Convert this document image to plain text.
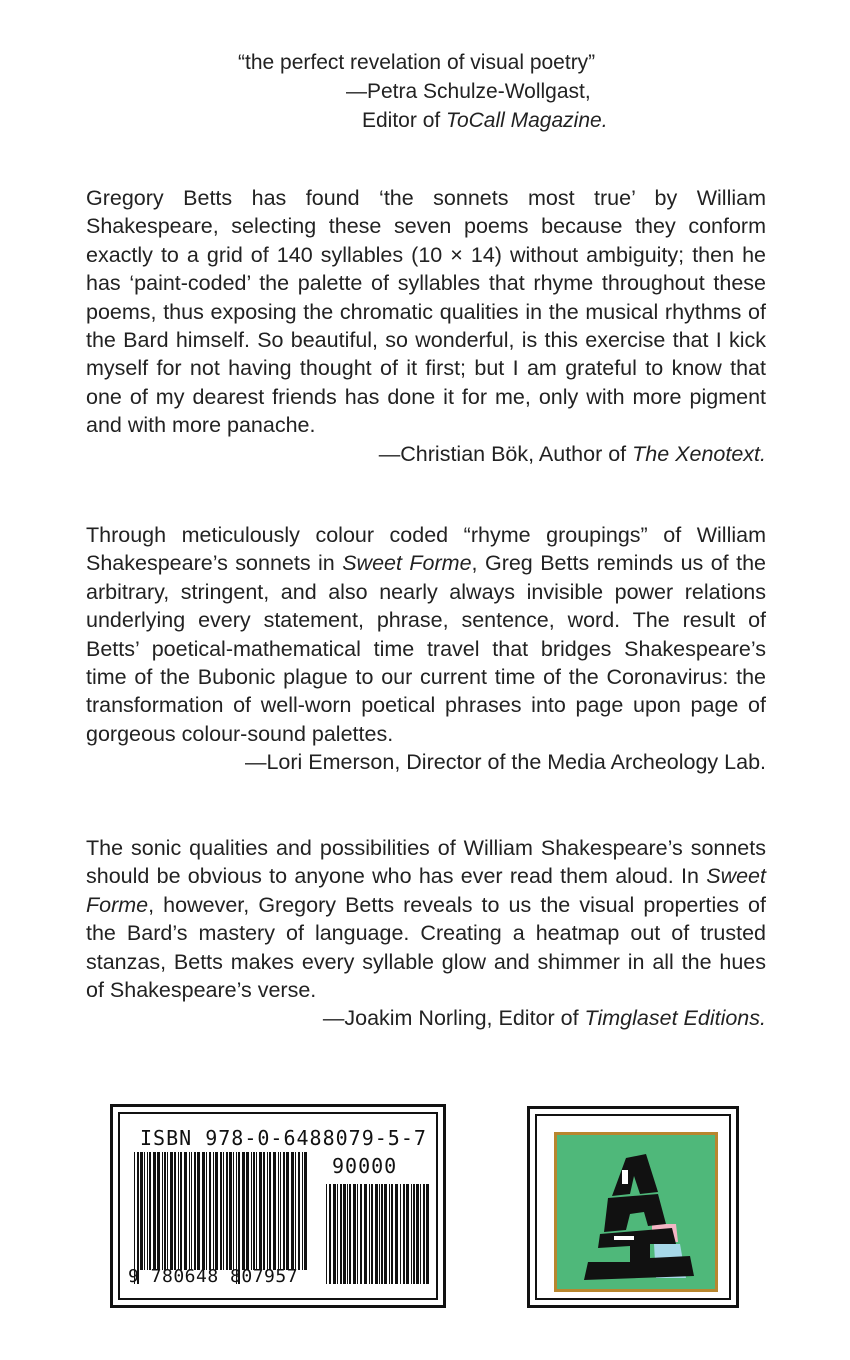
“the perfect revelation of visual poetry”
—Petra Schulze-Wollgast,
Editor of ToCall Magazine.

Gregory Betts has found ‘the sonnets most true’ by William Shakespeare, selecting these seven poems because they conform exactly to a grid of 140 syllables (10 × 14) without ambiguity; then he has ‘paint-coded’ the palette of syllables that rhyme throughout these poems, thus exposing the chromatic qualities in the musical rhythms of the Bard himself. So beautiful, so wonderful, is this exercise that I kick myself for not having thought of it first; but I am grateful to know that one of my dearest friends has done it for me, only with more pigment and with more panache.

—Christian Bök, Author of The Xenotext.

Through meticulously colour coded “rhyme groupings” of William Shakespeare’s sonnets in Sweet Forme, Greg Betts reminds us of the arbitrary, stringent, and also nearly always invisible power relations underlying every statement, phrase, sentence, word. The result of Betts’ poetical-mathematical time travel that bridges Shakespeare’s time of the Bubonic plague to our current time of the Coronavirus: the transformation of well-worn poetical phrases into page upon page of gorgeous colour-sound palettes.

—Lori Emerson, Director of the Media Archeology Lab.

The sonic qualities and possibilities of William Shakespeare’s sonnets should be obvious to anyone who has ever read them aloud. In Sweet Forme, however, Gregory Betts reveals to us the visual properties of the Bard’s mastery of language. Creating a heatmap out of trusted stanzas, Betts makes every syllable glow and shimmer in all the hues of Shakespeare’s verse.

—Joakim Norling, Editor of Timglaset Editions.
ISBN 978-0-6488079-5-7
90000
9 780648 807957
